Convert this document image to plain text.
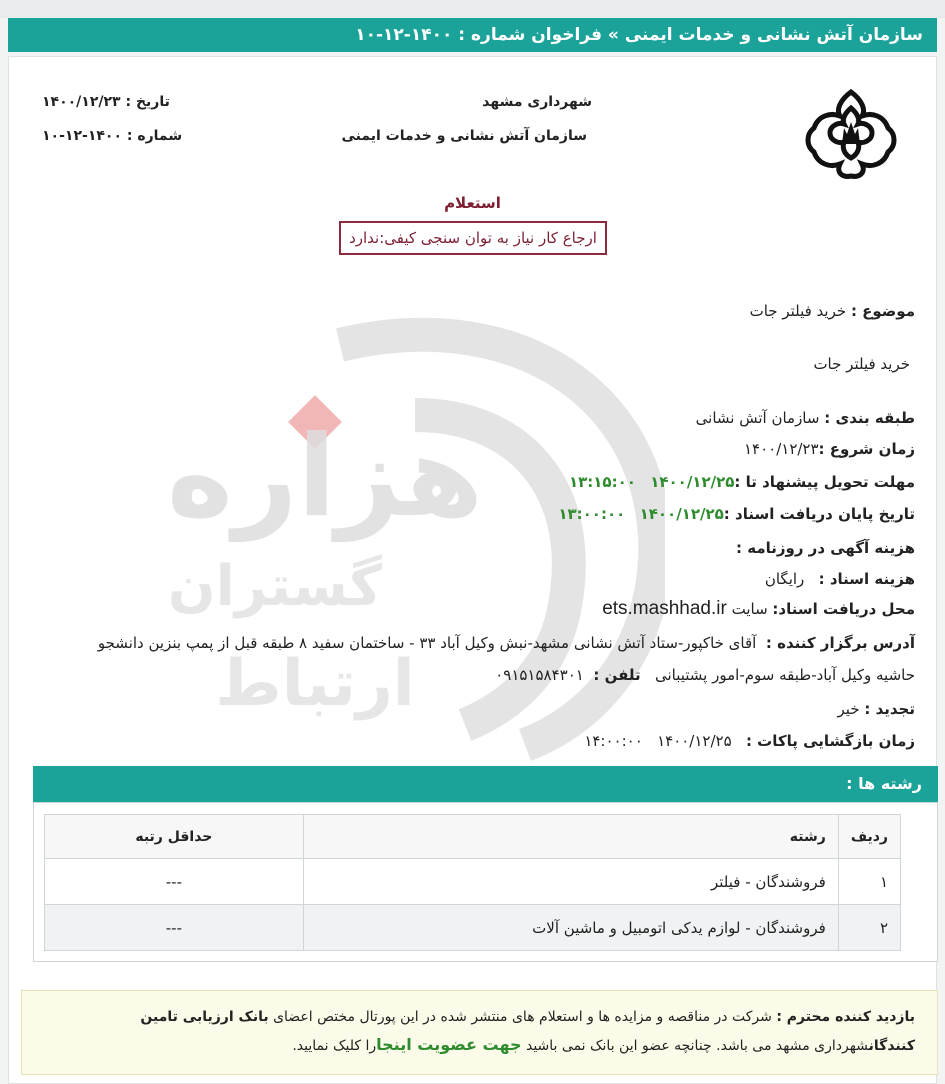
سازمان آتش نشانی و خدمات ایمنی » فراخوان شماره : ۱۴۰۰-۱۲-۱۰
هزاره
گستران
ارتباط
شهرداری مشهد
سازمان آتش نشانی و خدمات ایمنی
تاریخ : ۱۴۰۰/۱۲/۲۳
شماره : ۱۴۰۰-۱۲-۱۰
استعلام
ارجاع کار نیاز به توان سنجی کیفی:ندارد
موضوع : خرید فیلتر جات
خرید فیلتر جات
طبقه بندی : سازمان آتش نشانی
زمان شروع :۱۴۰۰/۱۲/۲۳
مهلت تحویل پیشنهاد تا :۱۴۰۰/۱۲/۲۵   ۱۳:۱۵:۰۰
تاریخ پایان دریافت اسناد :۱۴۰۰/۱۲/۲۵   ۱۳:۰۰:۰۰
هزینه آگهی در روزنامه :
هزینه اسناد :   رایگان
محل دریافت اسناد: سایت ets.mashhad.ir
آدرس برگزار کننده :  آقای خاکپور-ستاد آتش نشانی مشهد-نبش وکیل آباد ۳۳ - ساختمان سفید ۸ طبقه قبل از پمپ بنزین دانشجو
حاشیه وکیل آباد-طبقه سوم-امور پشتیبانی   تلفن :  ۰۹۱۵۱۵۸۴۳۰۱
تجدید : خیر
زمان بازگشایی پاکات :   ۱۴۰۰/۱۲/۲۵   ۱۴:۰۰:۰۰
رشته ها :
ردیف	رشته	حداقل رتبه
۱	فروشندگان - فیلتر	---
۲	فروشندگان - لوازم یدکی اتومبیل و ماشین آلات	---
بازدید کننده محترم : شرکت در مناقصه و مزایده ها و استعلام های منتشر شده در این پورتال مختص اعضای بانک ارزیابی تامین کنندگانشهرداری مشهد می باشد. چنانچه عضو این بانک نمی باشید جهت عضویت اینجارا کلیک نمایید.
